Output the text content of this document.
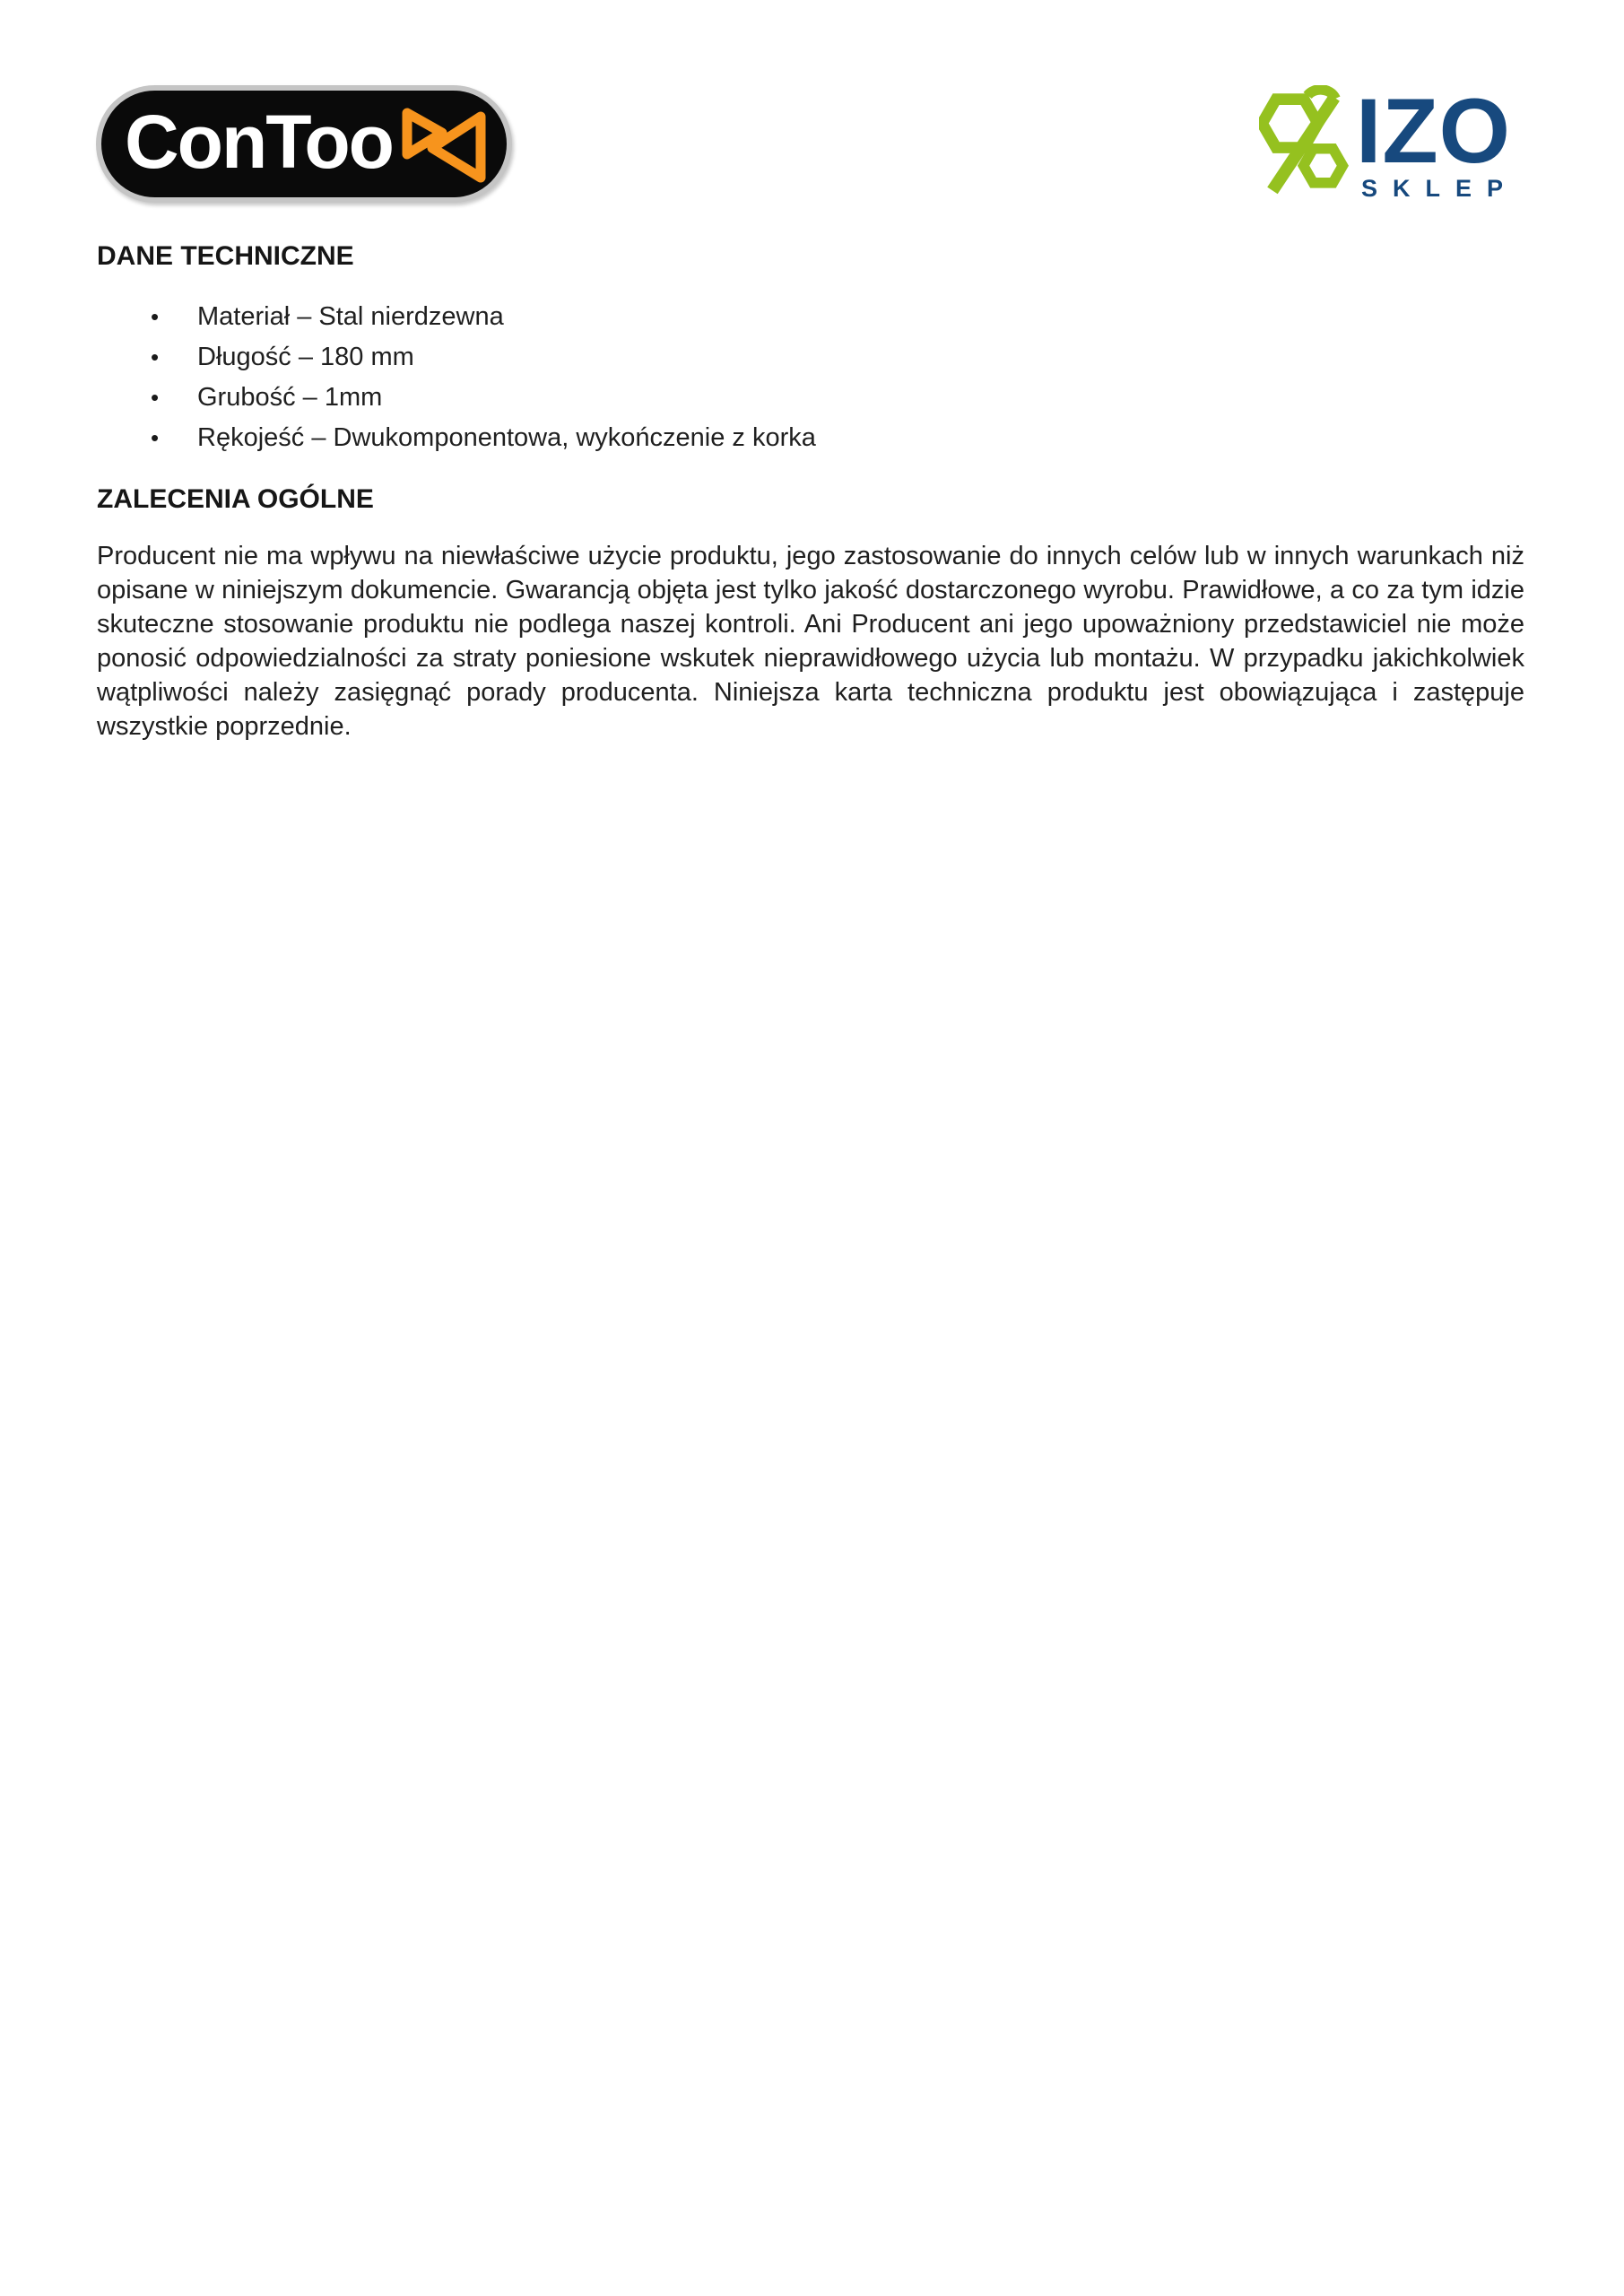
ConToo	IZO
SKLEP
DANE TECHNICZNE
• Materiał – Stal nierdzewna
• Długość – 180 mm
• Grubość – 1mm
• Rękojeść – Dwukomponentowa, wykończenie z korka
ZALECENIA OGÓLNE
Producent nie ma wpływu na niewłaściwe użycie produktu, jego zastosowanie do innych celów lub w innych warunkach niż opisane w niniejszym dokumencie. Gwarancją objęta jest tylko jakość dostarczonego wyrobu. Prawidłowe, a co za tym idzie skuteczne stosowanie produktu nie podlega naszej kontroli. Ani Producent ani jego upoważniony przedstawiciel nie może ponosić odpowiedzialności za straty poniesione wskutek nieprawidłowego użycia lub montażu. W przypadku jakichkolwiek wątpliwości należy zasięgnąć porady producenta. Niniejsza karta techniczna produktu jest obowiązująca i zastępuje wszystkie poprzednie.
